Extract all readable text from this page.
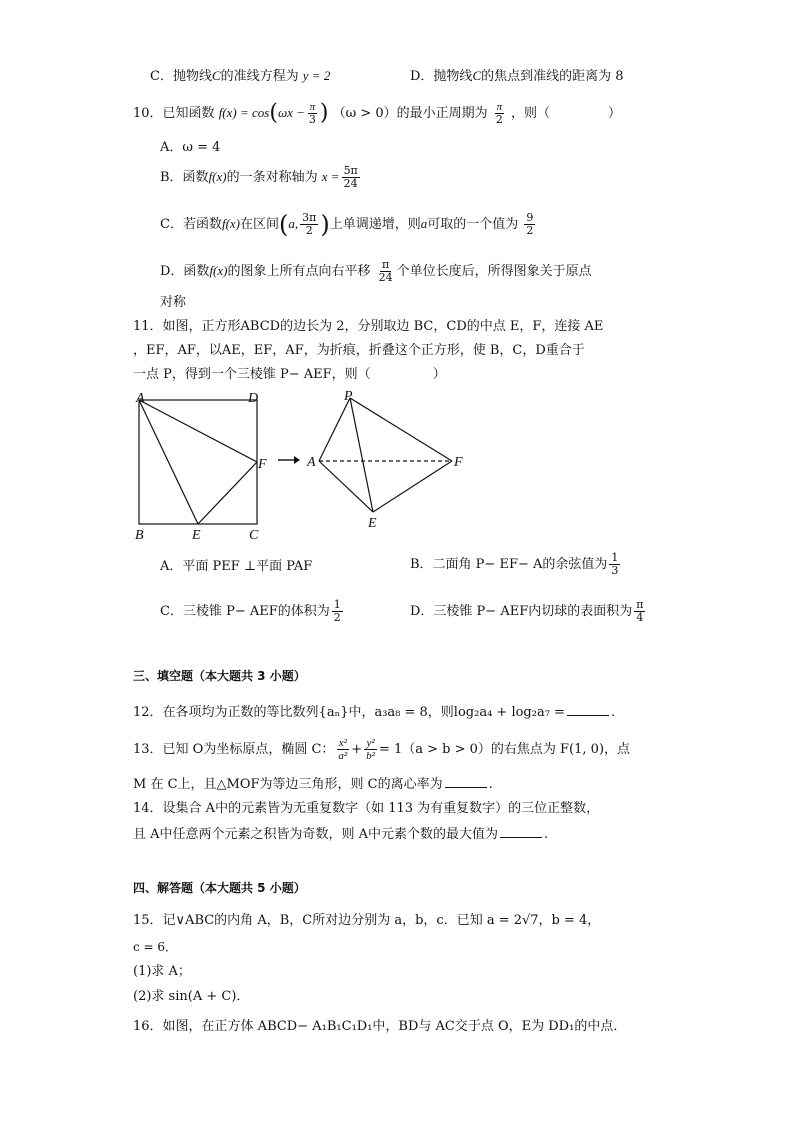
C．抛物线C的准线方程为 y = 2	D．抛物线C的焦点到准线的距离为 8
10．已知函数 $f(x) = \cos(\omega x - \frac{\pi}{3}$ ) （ω > 0）的最小正周期为 $\frac{\pi}{2}$ ，则（	）
A．ω = 4
B．函数f(x)的一条对称轴为 $x = \frac{5\pi}{24}$
C．若函数f(x)在区间(a, $\frac{3\pi}{2}$ )上单调递增，则a可取的一个值为 $\frac{9}{2}$
D．函数f(x)的图象上所有点向右平移 $\frac{\pi}{24}$ 个单位长度后，所得图象关于原点
对称
11．如图，正方形ABCD的边长为 2，分别取边 BC，CD的中点 E，F，连接 AE
，EF，AF，以AE，EF，AF，为折痕，折叠这个正方形，使 B，C，D重合于
一点 P，得到一个三棱锥 P− AEF，则（	）
A	D
B	C
E
F
P
A	F
E
A．平面 PEF ⊥平面 PAF	B．二面角 P− EF− A的余弦值为 $\frac{1}{3}$
C．三棱锥 P− AEF的体积为 $\frac{1}{2}$	D．三棱锥 P− AEF内切球的表面积为 $\frac{\pi}{4}$
三、填空题（本大题共 3 小题）
12．在各项均为正数的等比数列{aₙ}中，a₃a₈ = 8，则log₂a₄ + log₂a₇ =	.
13．已知 O为坐标原点，椭圆 C： $\frac{\text{x²}}{\text{a²}} + \frac{\text{y²}}{\text{b²}} = 1(a > b > 0)$的右焦点为 F(1, 0)，点
M 在 C上，且△MOF为等边三角形，则 C的离心率为	.
14．设集合 A中的元素皆为无重复数字（如 113 为有重复数字）的三位正整数，
且 A中任意两个元素之积皆为奇数，则 A中元素个数的最大值为	.
四、解答题（本大题共 5 小题）
15．记∨ABC的内角 A，B，C所对边分别为 a，b，c．已知 a = 2√7，b = 4，
c = 6．
(1)求 A；
(2)求 sin(A + C)．
16．如图，在正方体 ABCD− A₁B₁C₁D₁中，BD与 AC交于点 O，E为 DD₁的中点．
